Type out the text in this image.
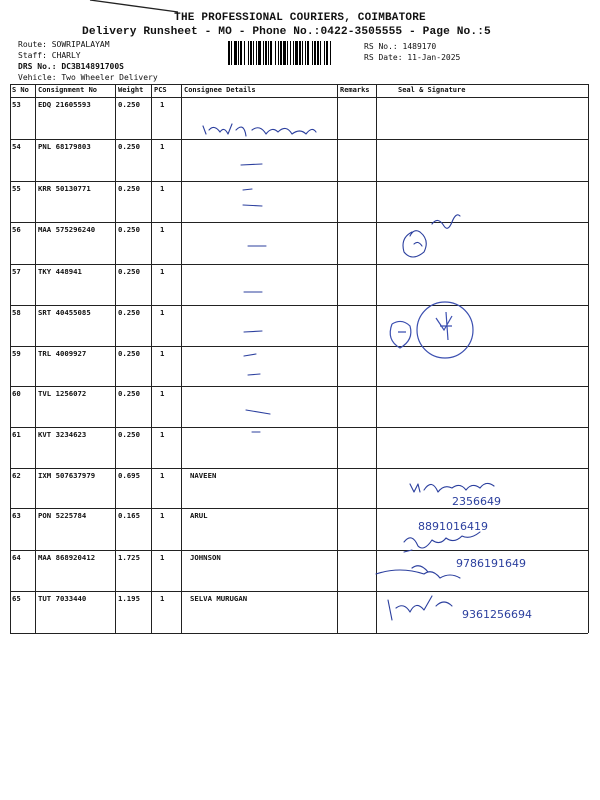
THE PROFESSIONAL COURIERS, COIMBATORE
Delivery Runsheet - MO - Phone No.:0422-3505555 - Page No.:5
Route: SOWRIPALAYAM
Staff: CHARLY
DRS No.: DC3B14891700S
Vehicle: Two Wheeler Delivery
RS No.: 1489170
RS Date: 11-Jan-2025
S No Consignment No	Weight PCS Consignee Details	Remarks	Seal & Signature
53 EDQ 21605593	0.250	1
54 PNL 68179803	0.250	1
55 KRR 50130771	0.250	1
56 MAA 575296240	0.250	1
57 TKY 448941	0.250	1
58 SRT 40455085	0.250	1
59 TRL 4009927	0.250	1
60 TVL 1256072	0.250	1
61 KVT 3234623	0.250	1
62 IXM 507637979	0.695	1	NAVEEN
63 PON 5225784	0.165	1	ARUL
64 MAA 868920412	1.725	1	JOHNSON
65 TUT 7033440	1.195	1	SELVA MURUGAN
2356649
8891016419
9786191649
9361256694
